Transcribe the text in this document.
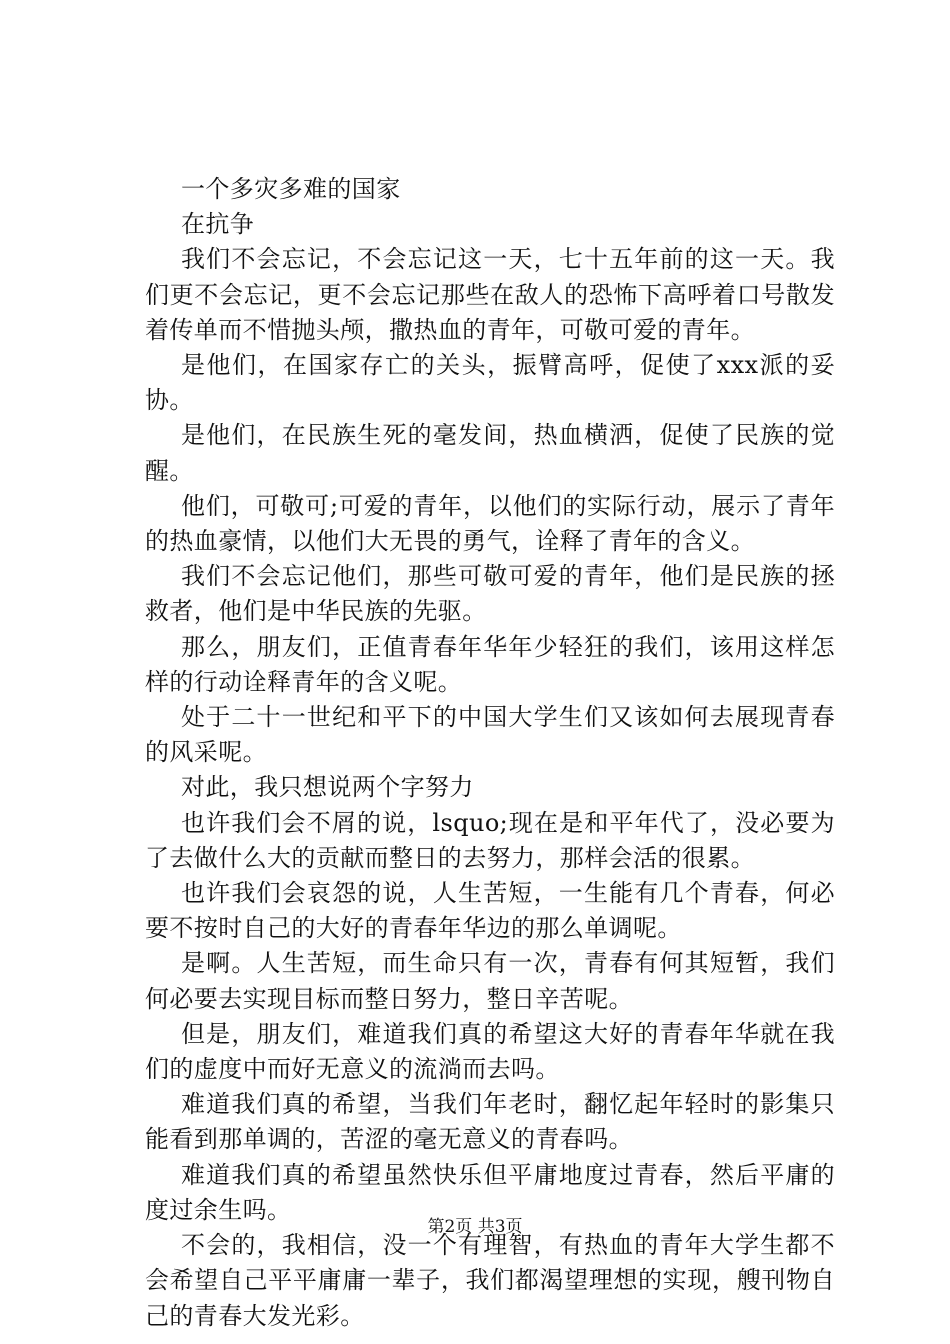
一个多灾多难的国家

在抗争

我们不会忘记，不会忘记这一天，七十五年前的这一天。我们更不会忘记，更不会忘记那些在敌人的恐怖下高呼着口号散发着传单而不惜抛头颅，撒热血的青年，可敬可爱的青年。

是他们，在国家存亡的关头，振臂高呼，促使了xxx派的妥协。

是他们，在民族生死的毫发间，热血横洒，促使了民族的觉醒。

他们，可敬可;可爱的青年，以他们的实际行动，展示了青年的热血豪情，以他们大无畏的勇气，诠释了青年的含义。

我们不会忘记他们，那些可敬可爱的青年，他们是民族的拯救者，他们是中华民族的先驱。

那么，朋友们，正值青春年华年少轻狂的我们，该用这样怎样的行动诠释青年的含义呢。

处于二十一世纪和平下的中国大学生们又该如何去展现青春的风采呢。

对此，我只想说两个字努力

也许我们会不屑的说，lsquo;现在是和平年代了，没必要为了去做什么大的贡献而整日的去努力，那样会活的很累。

也许我们会哀怨的说，人生苦短，一生能有几个青春，何必要不按时自己的大好的青春年华边的那么单调呢。

是啊。人生苦短，而生命只有一次，青春有何其短暂，我们何必要去实现目标而整日努力，整日辛苦呢。

但是，朋友们，难道我们真的希望这大好的青春年华就在我们的虚度中而好无意义的流淌而去吗。

难道我们真的希望，当我们年老时，翻忆起年轻时的影集只能看到那单调的，苦涩的毫无意义的青春吗。

难道我们真的希望虽然快乐但平庸地度过青春，然后平庸的度过余生吗。

不会的，我相信，没一个有理智，有热血的青年大学生都不会希望自己平平庸庸一辈子，我们都渴望理想的实现，艘刊物自己的青春大发光彩。

第2页 共3页
